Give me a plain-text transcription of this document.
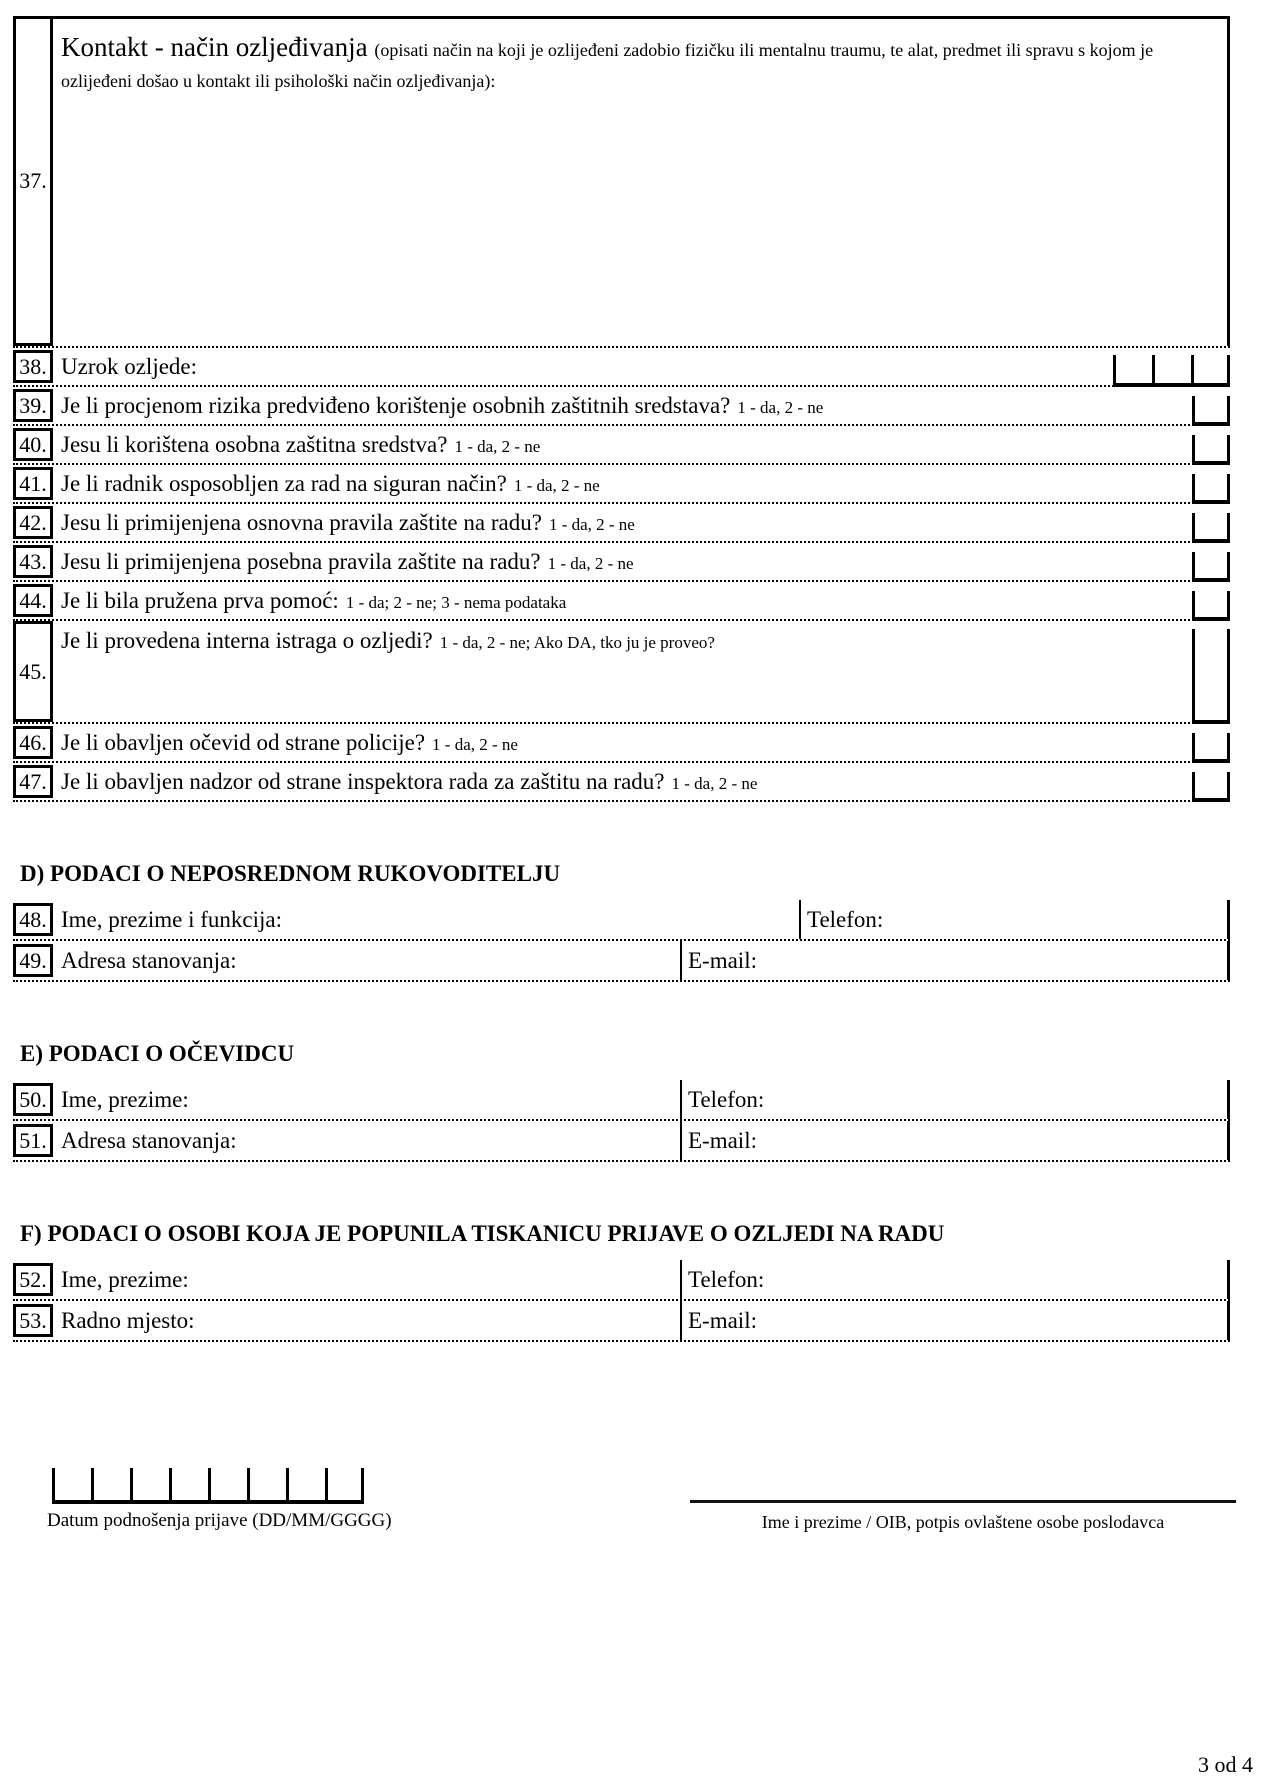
37.

Kontakt - način ozljeđivanja (opisati način na koji je ozlijeđeni zadobio fizičku ili mentalnu traumu, te alat, predmet ili spravu s kojom je ozlijeđeni došao u kontakt ili psihološki način ozljeđivanja):

38. Uzrok ozljede:
39. Je li procjenom rizika predviđeno korištenje osobnih zaštitnih sredstava? 1 - da, 2 - ne
40. Jesu li korištena osobna zaštitna sredstva? 1 - da, 2 - ne
41. Je li radnik osposobljen za rad na siguran način? 1 - da, 2 - ne
42. Jesu li primijenjena osnovna pravila zaštite na radu? 1 - da, 2 - ne
43. Jesu li primijenjena posebna pravila zaštite na radu? 1 - da, 2 - ne
44. Je li bila pružena prva pomoć: 1 - da; 2 - ne; 3 - nema podataka
45.
Je li provedena interna istraga o ozljedi? 1 - da, 2 - ne; Ako DA, tko ju je proveo?
46. Je li obavljen očevid od strane policije? 1 - da, 2 - ne
47. Je li obavljen nadzor od strane inspektora rada za zaštitu na radu? 1 - da, 2 - ne
D) PODACI O NEPOSREDNOM RUKOVODITELJU
48. Ime, prezime i funkcija:	Telefon:
49. Adresa stanovanja:	E-mail:
E) PODACI O OČEVIDCU
50. Ime, prezime:	Telefon:
51. Adresa stanovanja:	E-mail:
F) PODACI O OSOBI KOJA JE POPUNILA TISKANICU PRIJAVE O OZLJEDI NA RADU
52. Ime, prezime:	Telefon:
53. Radno mjesto:	E-mail:
Datum podnošenja prijave (DD/MM/GGGG)	Ime i prezime / OIB, potpis ovlaštene osobe poslodavca
3 od 4
